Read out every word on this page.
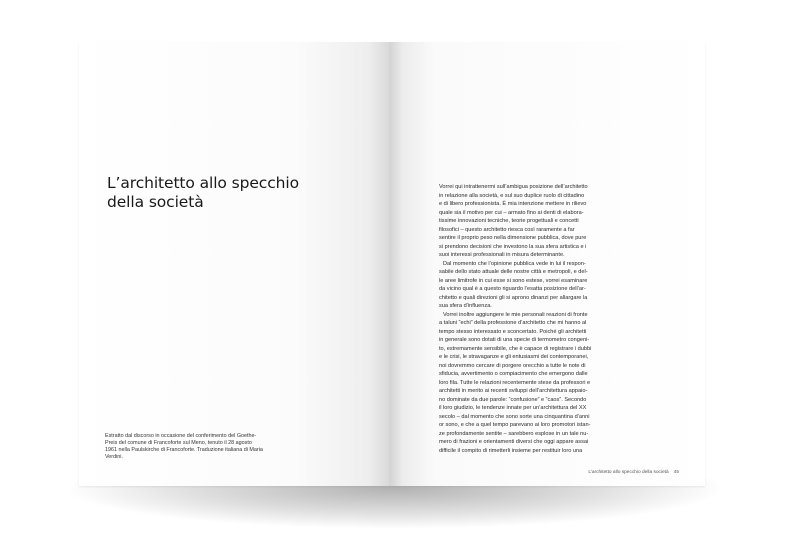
L’architetto allo specchio
della società
Estratto dal discorso in occasione del conferimento del Goethe-
Preis del comune di Francoforte sul Meno, tenuto il 28 agosto
1961 nella Paulskirche di Francoforte. Traduzione italiana di Maria
Verdini.
Vorrei qui intrattenermi sull’ambigua posizione dell’architetto
in relazione alla società, e sul suo duplice ruolo di cittadino
e di libero professionista. È mia intenzione mettere in rilievo
quale sia il motivo per cui – armato fino ai denti di elabora-
tissime innovazioni tecniche, teorie progettuali e concetti
filosofici – questo architetto riesca così raramente a far
sentire il proprio peso nella dimensione pubblica, dove pure
si prendono decisioni che investono la sua sfera artistica e i
suoi interessi professionali in misura determinante.
Dal momento che l’opinione pubblica vede in lui il respon-
sabile dello stato attuale delle nostre città e metropoli, e del-
le aree limitrofe in cui esse si sono estese, vorrei esaminare
da vicino qual è a questo riguardo l’esatta posizione dell’ar-
chitetto e quali direzioni gli si aprono dinanzi per allargare la
sua sfera d’influenza.
Vorrei inoltre aggiungere le mie personali reazioni di fronte
a taluni “echi” della professione d’architetto che mi hanno al
tempo stesso interessato e sconcertato. Poiché gli architetti
in generale sono dotati di una specie di termometro congeni-
to, estremamente sensibile, che è capace di registrare i dubbi
e le crisi, le stravaganze e gli entusiasmi dei contemporanei,
noi dovremmo cercare di porgere orecchio a tutte le note di
sfiducia, avvertimento o compiacimento che emergono dalle
loro fila. Tutte le relazioni recentemente stese da professori e
architetti in merito ai recenti sviluppi dell’architettura appaio-
no dominate da due parole: “confusione” e “caos”. Secondo
il loro giudizio, le tendenze innate per un’architettura del XX
secolo – dal momento che sono sorte una cinquantina d’anni
or sono, e che a quel tempo parevano ai loro promotori istan-
ze profondamente sentite – sarebbero esplose in un tale nu-
mero di frazioni e orientamenti diversi che oggi appare assai
difficile il compito di rimetterli insieme per restituir loro una
L’architetto allo specchio della società 45
